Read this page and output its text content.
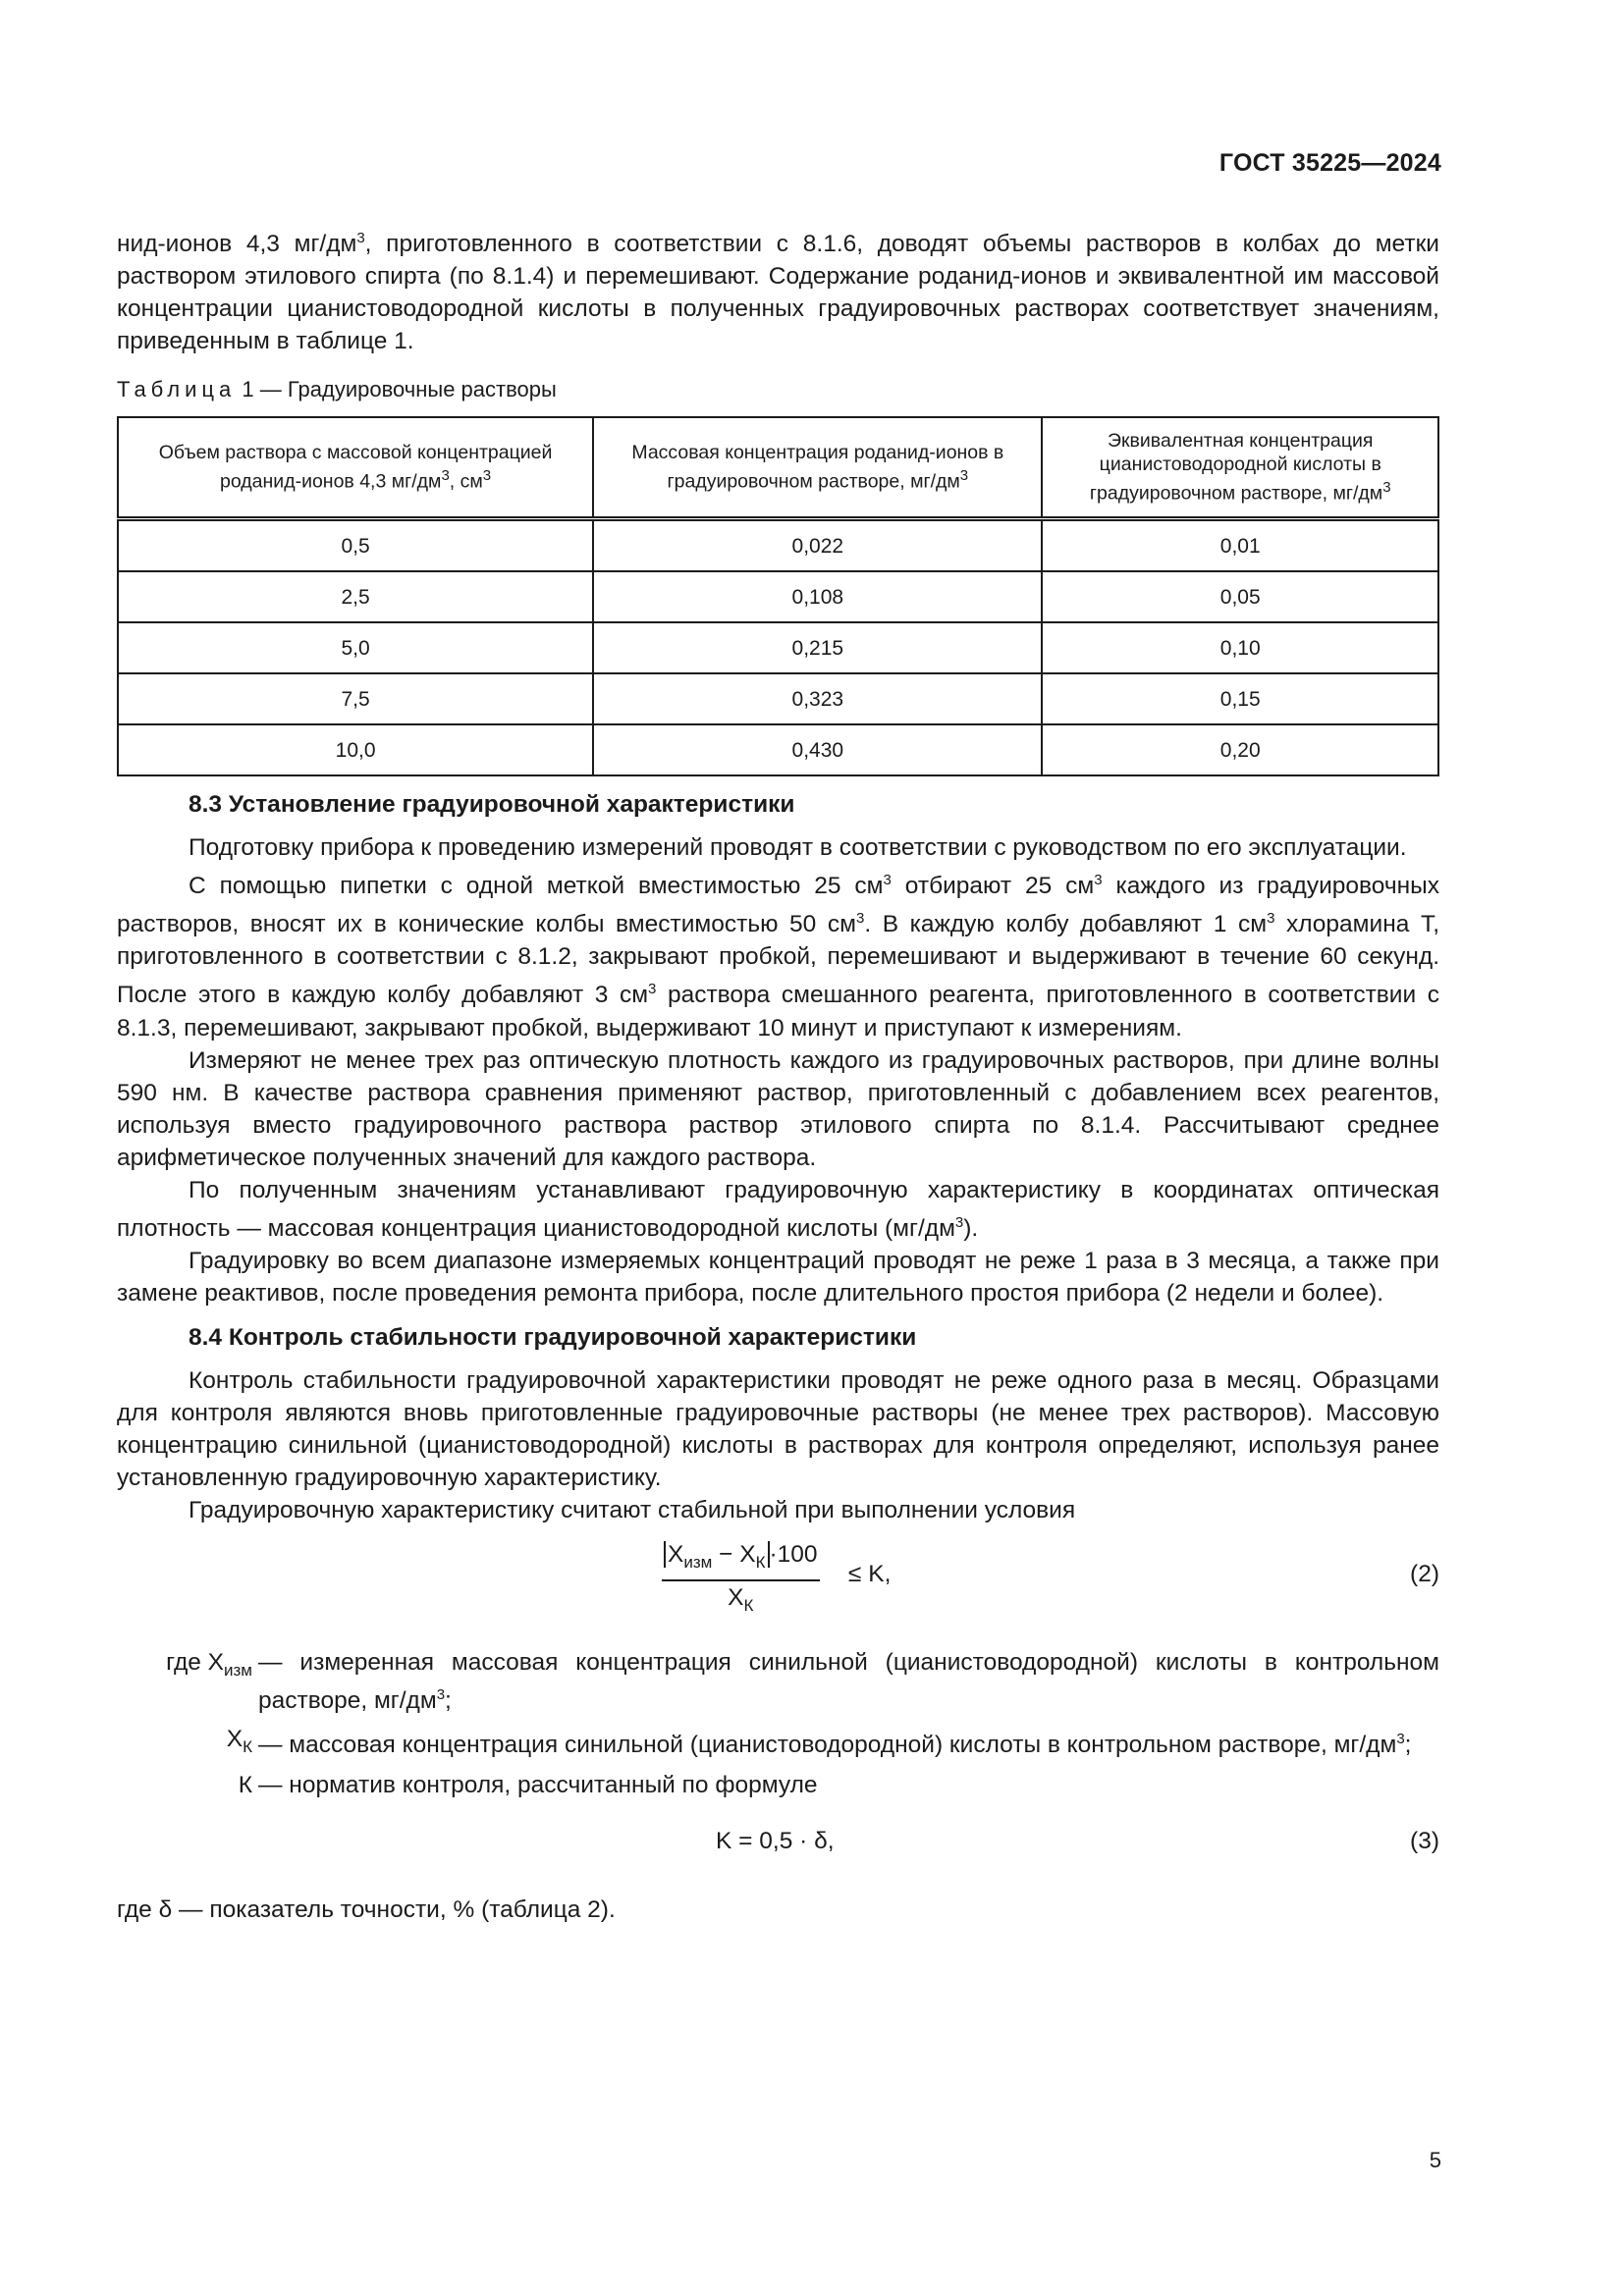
ГОСТ 35225—2024

нид-ионов 4,3 $мг/дм^3$, приготовленного в соответствии с 8.1.6, доводят объемы растворов в колбах до метки раствором этилового спирта (по 8.1.4) и перемешивают. Содержание роданид-ионов и эквивалентной им массовой концентрации цианистоводородной кислоты в полученных градуировочных растворах соответствует значениям, приведенным в таблице 1.

Таблица 1 — Градуировочные растворы
Объем раствора с массовой концентрацией роданид-ионов 4,3 $мг/дм^3$, $см^3$	Массовая концентрация роданид-ионов в градуировочном растворе, $мг/дм^3$	Эквивалентная концентрация цианистоводородной кислоты в градуировочном растворе, $мг/дм^3$
0,5	0,022	0,01
2,5	0,108	0,05
5,0	0,215	0,10
7,5	0,323	0,15
10,0	0,430	0,20
8.3 Установление градуировочной характеристики

Подготовку прибора к проведению измерений проводят в соответствии с руководством по его эксплуатации.

С помощью пипетки с одной меткой вместимостью 25 $см^3$ отбирают 25 $см^3$ каждого из градуировочных растворов, вносят их в конические колбы вместимостью 50 $см^3$. В каждую колбу добавляют 1 $см^3$ хлорамина Т, приготовленного в соответствии с 8.1.2, закрывают пробкой, перемешивают и выдерживают в течение 60 секунд. После этого в каждую колбу добавляют 3 $см^3$ раствора смешанного реагента, приготовленного в соответствии с 8.1.3, перемешивают, закрывают пробкой, выдерживают 10 минут и приступают к измерениям.

Измеряют не менее трех раз оптическую плотность каждого из градуировочных растворов, при длине волны 590 нм. В качестве раствора сравнения применяют раствор, приготовленный с добавлением всех реагентов, используя вместо градуировочного раствора раствор этилового спирта по 8.1.4. Рассчитывают среднее арифметическое полученных значений для каждого раствора.

По полученным значениям устанавливают градуировочную характеристику в координатах оптическая плотность — массовая концентрация цианистоводородной кислоты $(мг/дм^3)$.

Градуировку во всем диапазоне измеряемых концентраций проводят не реже 1 раза в 3 месяца, а также при замене реактивов, после проведения ремонта прибора, после длительного простоя прибора (2 недели и более).

8.4 Контроль стабильности градуировочной характеристики

Контроль стабильности градуировочной характеристики проводят не реже одного раза в месяц. Образцами для контроля являются вновь приготовленные градуировочные растворы (не менее трех растворов). Массовую концентрацию синильной (цианистоводородной) кислоты в растворах для контроля определяют, используя ранее установленную градуировочную характеристику.

Градуировочную характеристику считают стабильной при выполнении условия

$X_{изм} - X_К \cdot 100$
$X_К$
≤ K,	(2)
где $X_{изм}$ — измеренная массовая концентрация синильной (цианистоводородной) кислоты в контрольном растворе, $мг/дм^3$;
$X_К$ — массовая концентрация синильной (цианистоводородной) кислоты в контрольном растворе, $мг/дм^3$;
К — норматив контроля, рассчитанный по формуле
K = 0,5 · δ,	(3)

где δ — показатель точности, % (таблица 2).

5
